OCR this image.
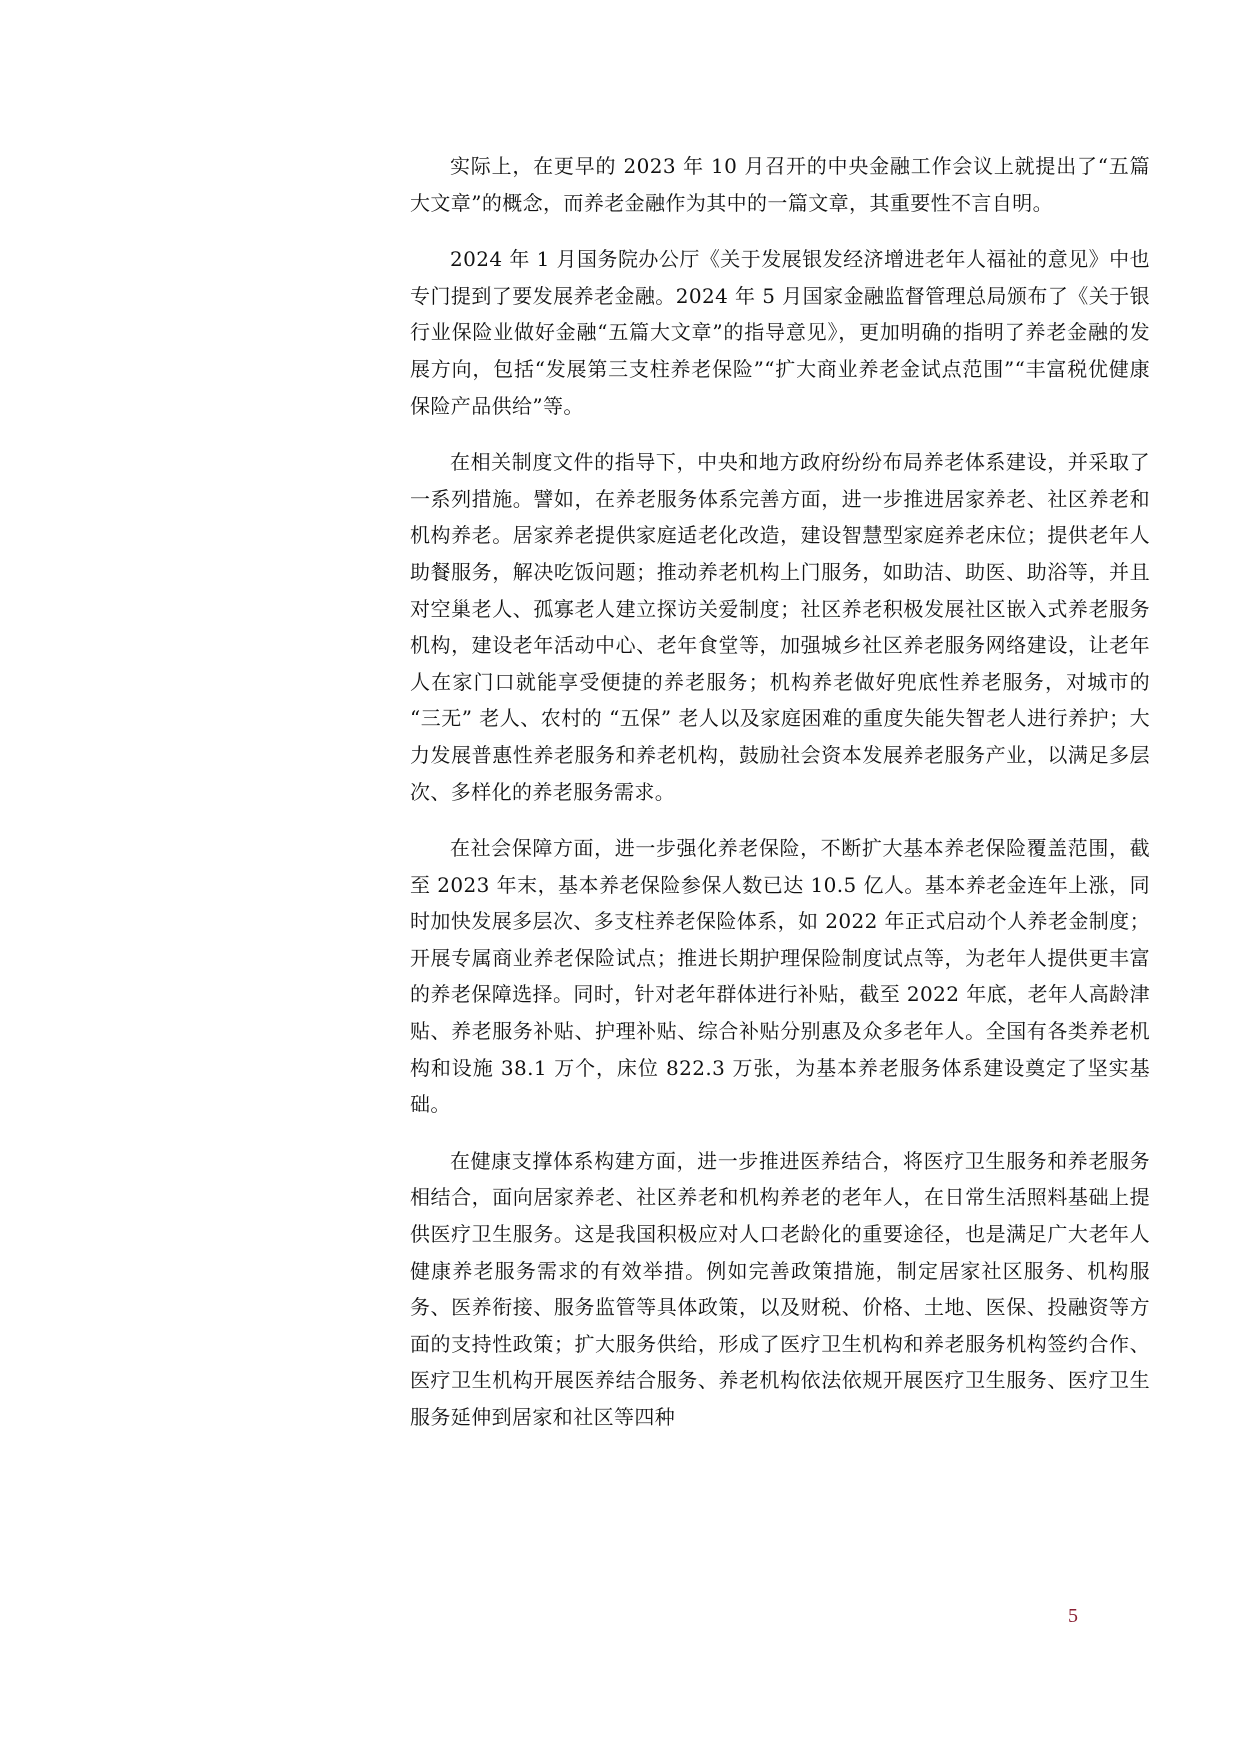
实际上，在更早的 2023 年 10 月召开的中央金融工作会议上就提出了“五篇大文章”的概念，而养老金融作为其中的一篇文章，其重要性不言自明。

2024 年 1 月国务院办公厅《关于发展银发经济增进老年人福祉的意见》中也专门提到了要发展养老金融。2024 年 5 月国家金融监督管理总局颁布了《关于银行业保险业做好金融“五篇大文章”的指导意见》，更加明确的指明了养老金融的发展方向，包括“发展第三支柱养老保险”“扩大商业养老金试点范围”“丰富税优健康保险产品供给”等。

在相关制度文件的指导下，中央和地方政府纷纷布局养老体系建设，并采取了一系列措施。譬如，在养老服务体系完善方面，进一步推进居家养老、社区养老和机构养老。居家养老提供家庭适老化改造，建设智慧型家庭养老床位；提供老年人助餐服务，解决吃饭问题；推动养老机构上门服务，如助洁、助医、助浴等，并且对空巢老人、孤寡老人建立探访关爱制度；社区养老积极发展社区嵌入式养老服务机构，建设老年活动中心、老年食堂等，加强城乡社区养老服务网络建设，让老年人在家门口就能享受便捷的养老服务；机构养老做好兜底性养老服务，对城市的 “三无” 老人、农村的 “五保” 老人以及家庭困难的重度失能失智老人进行养护；大力发展普惠性养老服务和养老机构，鼓励社会资本发展养老服务产业，以满足多层次、多样化的养老服务需求。

在社会保障方面，进一步强化养老保险，不断扩大基本养老保险覆盖范围，截至 2023 年末，基本养老保险参保人数已达 10.5 亿人。基本养老金连年上涨，同时加快发展多层次、多支柱养老保险体系，如 2022 年正式启动个人养老金制度；开展专属商业养老保险试点；推进长期护理保险制度试点等，为老年人提供更丰富的养老保障选择。同时，针对老年群体进行补贴，截至 2022 年底，老年人高龄津贴、养老服务补贴、护理补贴、综合补贴分别惠及众多老年人。全国有各类养老机构和设施 38.1 万个，床位 822.3 万张，为基本养老服务体系建设奠定了坚实基础。

在健康支撑体系构建方面，进一步推进医养结合，将医疗卫生服务和养老服务相结合，面向居家养老、社区养老和机构养老的老年人，在日常生活照料基础上提供医疗卫生服务。这是我国积极应对人口老龄化的重要途径，也是满足广大老年人健康养老服务需求的有效举措。例如完善政策措施，制定居家社区服务、机构服务、医养衔接、服务监管等具体政策，以及财税、价格、土地、医保、投融资等方面的支持性政策；扩大服务供给，形成了医疗卫生机构和养老服务机构签约合作、医疗卫生机构开展医养结合服务、养老机构依法依规开展医疗卫生服务、医疗卫生服务延伸到居家和社区等四种

5
